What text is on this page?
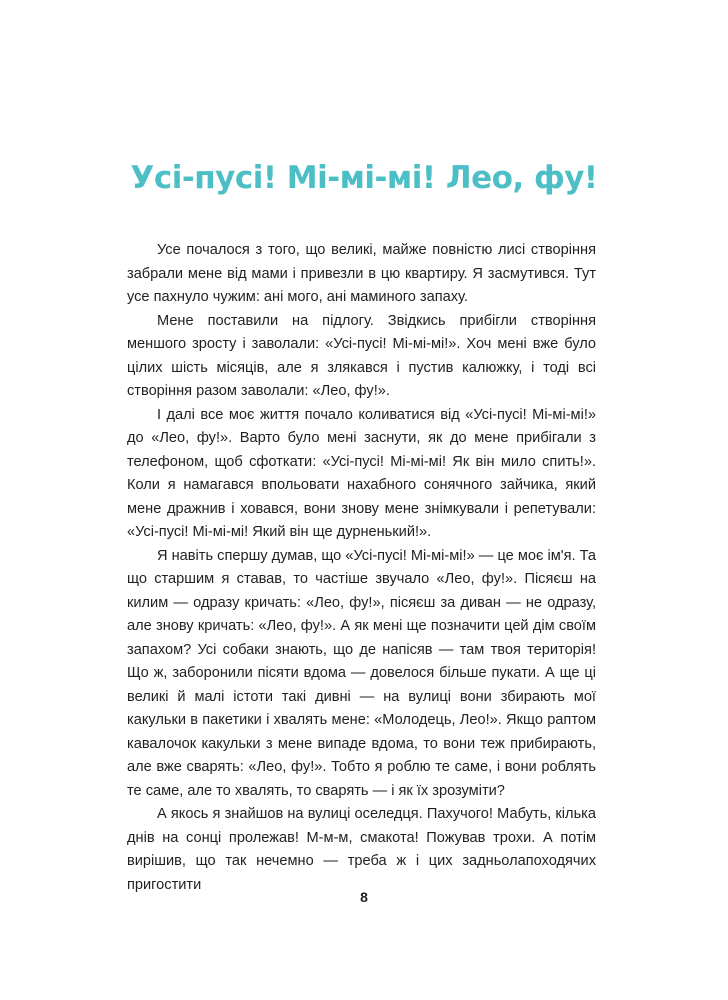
Усі-пусі! Мі-мі-мі! Лео, фу!

Усе почалося з того, що великі, майже повністю лисі створіння забрали мене від мами і привезли в цю квартиру. Я засмутився. Тут усе пахнуло чужим: ані мого, ані маминого запаху.

Мене поставили на підлогу. Звідкись прибігли створіння меншого зросту і заволали: «Усі-пусі! Мі-мі-мі!». Хоч мені вже було цілих шість місяців, але я злякався і пустив калюжку, і тоді всі створіння разом заволали: «Лео, фу!».

І далі все моє життя почало коливатися від «Усі-пусі! Мі-мі-мі!» до «Лео, фу!». Варто було мені заснути, як до мене прибігали з телефоном, щоб сфоткати: «Усі-пусі! Мі-мі-мі! Як він мило спить!». Коли я намагався впольовати нахабного сонячного зайчика, який мене дражнив і ховався, вони знову мене знімкували і репетували: «Усі-пусі! Мі-мі-мі! Який він ще дурненький!».

Я навіть спершу думав, що «Усі-пусі! Мі-мі-мі!» — це моє ім'я. Та що старшим я ставав, то частіше звучало «Лео, фу!». Пісяєш на килим — одразу кричать: «Лео, фу!», пісяєш за диван — не одразу, але знову кричать: «Лео, фу!». А як мені ще позначити цей дім своїм запахом? Усі собаки знають, що де напісяв — там твоя територія! Що ж, заборонили пісяти вдома — довелося більше пукати. А ще ці великі й малі істоти такі дивні — на вулиці вони збирають мої какульки в пакетики і хвалять мене: «Молодець, Лео!». Якщо раптом кавалочок какульки з мене випаде вдома, то вони теж прибирають, але вже сварять: «Лео, фу!». Тобто я роблю те саме, і вони роблять те саме, але то хвалять, то сварять — і як їх зрозуміти?

А якось я знайшов на вулиці оселедця. Пахучого! Мабуть, кілька днів на сонці пролежав! М-м-м, смакота! Пожував трохи. А потім вирішив, що так нечемно — треба ж і цих задньолапоходячих пригостити

8
